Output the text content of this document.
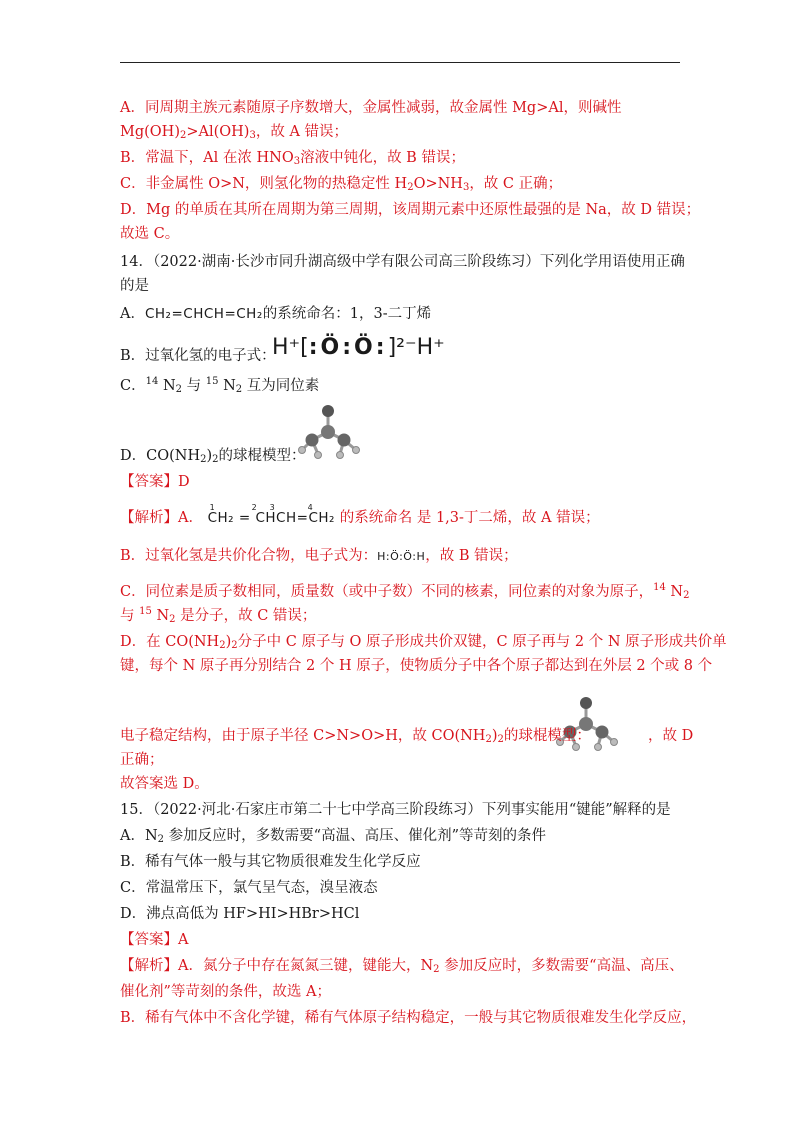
A．同周期主族元素随原子序数增大，金属性减弱，故金属性 Mg>Al，则碱性
$Mg(OH)_2>Al(OH)_3$，故 A 错误；
B．常温下，Al 在浓 $HNO_3$溶液中钝化，故 B 错误；
C．非金属性 O>N，则氢化物的热稳定性 $H_2O>NH_3$，故 C 正确；
D．Mg 的单质在其所在周期为第三周期，该周期元素中还原性最强的是 Na，故 D 错误；
故选 C。
14．（2022·湖南·长沙市同升湖高级中学有限公司高三阶段练习）下列化学用语使用正确
的是
A．CH₂=CHCH=CH₂的系统命名：1，3-二丁烯
B．过氧化氢的电子式：
H⁺[:Ö:Ö:]²⁻H⁺
C．$^{14}$ $N_2$ 与 $^{15}$ $N_2$ 互为同位素
D．$CO(NH_2)_2$的球棍模型：
【答案】D
【解析】A．
1	2 3	4
CH₂ = CHCH=CH₂ 的系统命名 是 1,3-丁二烯，故 A 错误；
B．过氧化氢是共价化合物，电子式为：H:Ö:Ö:H，故 B 错误；
C．同位素是质子数相同，质量数（或中子数）不同的核素，同位素的对象为原子，$^{14}$ $N_2$
与 $^{15}$ $N_2$ 是分子，故 C 错误；
D．在 $CO(NH_2)_2$分子中 C 原子与 O 原子形成共价双键，C 原子再与 2 个 N 原子形成共价单
键，每个 N 原子再分别结合 2 个 H 原子，使物质分子中各个原子都达到在外层 2 个或 8 个
电子稳定结构，由于原子半径 C>N>O>H，故 $CO(NH_2)_2$的球棍模型：	，故 D
正确；
故答案选 D。
15．（2022·河北·石家庄市第二十七中学高三阶段练习）下列事实能用“键能”解释的是
A．$N_2$ 参加反应时，多数需要“高温、高压、催化剂”等苛刻的条件
B．稀有气体一般与其它物质很难发生化学反应
C．常温常压下，氯气呈气态，溴呈液态
D．沸点高低为 HF>HI>HBr>HCl
【答案】A
【解析】A．氮分子中存在氮氮三键，键能大，$N_2$ 参加反应时，多数需要“高温、高压、
催化剂”等苛刻的条件，故选 A；
B．稀有气体中不含化学键，稀有气体原子结构稳定，一般与其它物质很难发生化学反应，
